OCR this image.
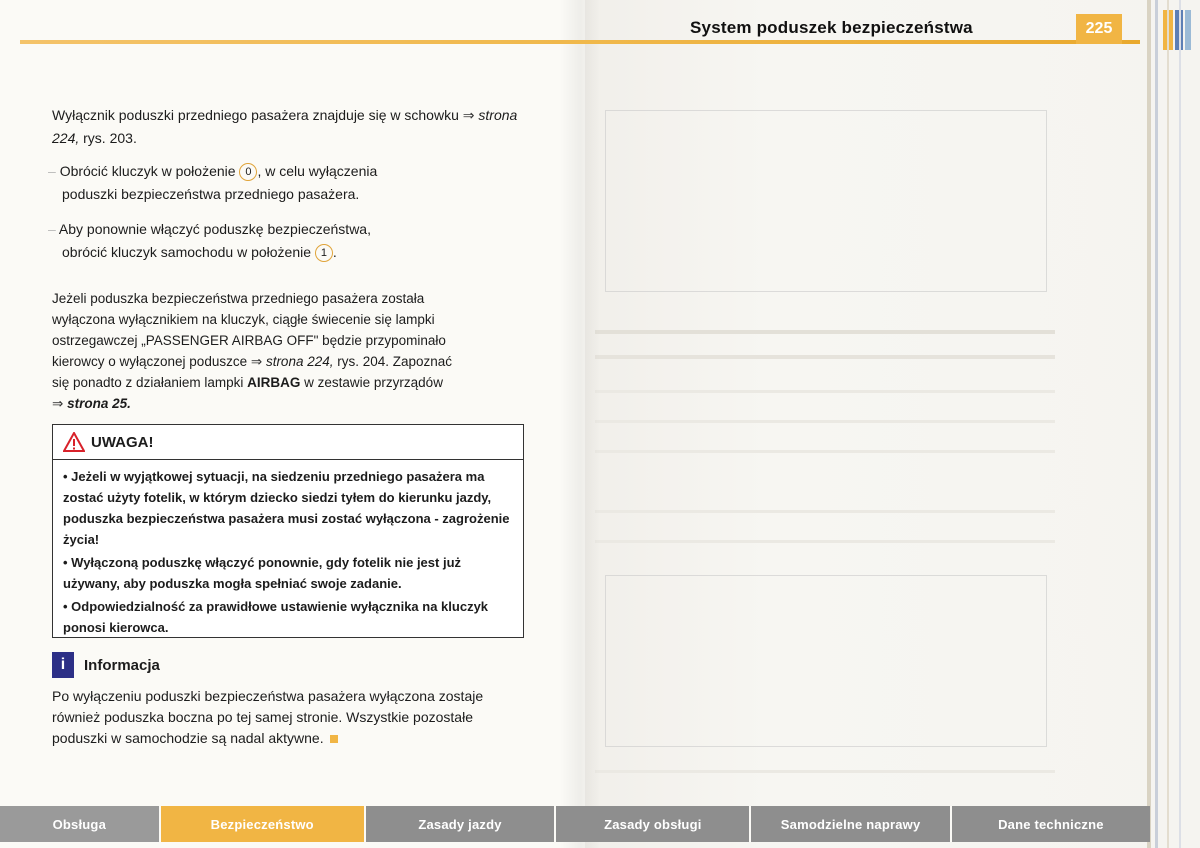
System poduszek bezpieczeństwa	225
Wyłącznik poduszki przedniego pasażera znajduje się w schowku ⇒ strona 224, rys. 203.
– Obrócić kluczyk w położenie 0 , w celu wyłączenia
poduszki bezpieczeństwa przedniego pasażera.
– Aby ponownie włączyć poduszkę bezpieczeństwa,
obrócić kluczyk samochodu w położenie 1 .
Jeżeli poduszka bezpieczeństwa przedniego pasażera została
wyłączona wyłącznikiem na kluczyk, ciągłe świecenie się lampki
ostrzegawczej „PASSENGER AIRBAG OFF" będzie przypominało
kierowcy o wyłączonej poduszce ⇒ strona 224, rys. 204. Zapoznać
się ponadto z działaniem lampki AIRBAG w zestawie przyrządów
⇒ strona 25.
UWAGA!
• Jeżeli w wyjątkowej sytuacji, na siedzeniu przedniego pasażera ma zostać użyty fotelik, w którym dziecko siedzi tyłem do kierunku jazdy, poduszka bezpieczeństwa pasażera musi zostać wyłączona - zagrożenie życia!
• Wyłączoną poduszkę włączyć ponownie, gdy fotelik nie jest już używany, aby poduszka mogła spełniać swoje zadanie.
• Odpowiedzialność za prawidłowe ustawienie wyłącznika na kluczyk ponosi kierowca.
i	Informacja
Po wyłączeniu poduszki bezpieczeństwa pasażera wyłączona zostaje również poduszka boczna po tej samej stronie. Wszystkie pozostałe poduszki w samochodzie są nadal aktywne.
Obsługa	Bezpieczeństwo	Zasady jazdy	Zasady obsługi	Samodzielne naprawy	Dane techniczne
